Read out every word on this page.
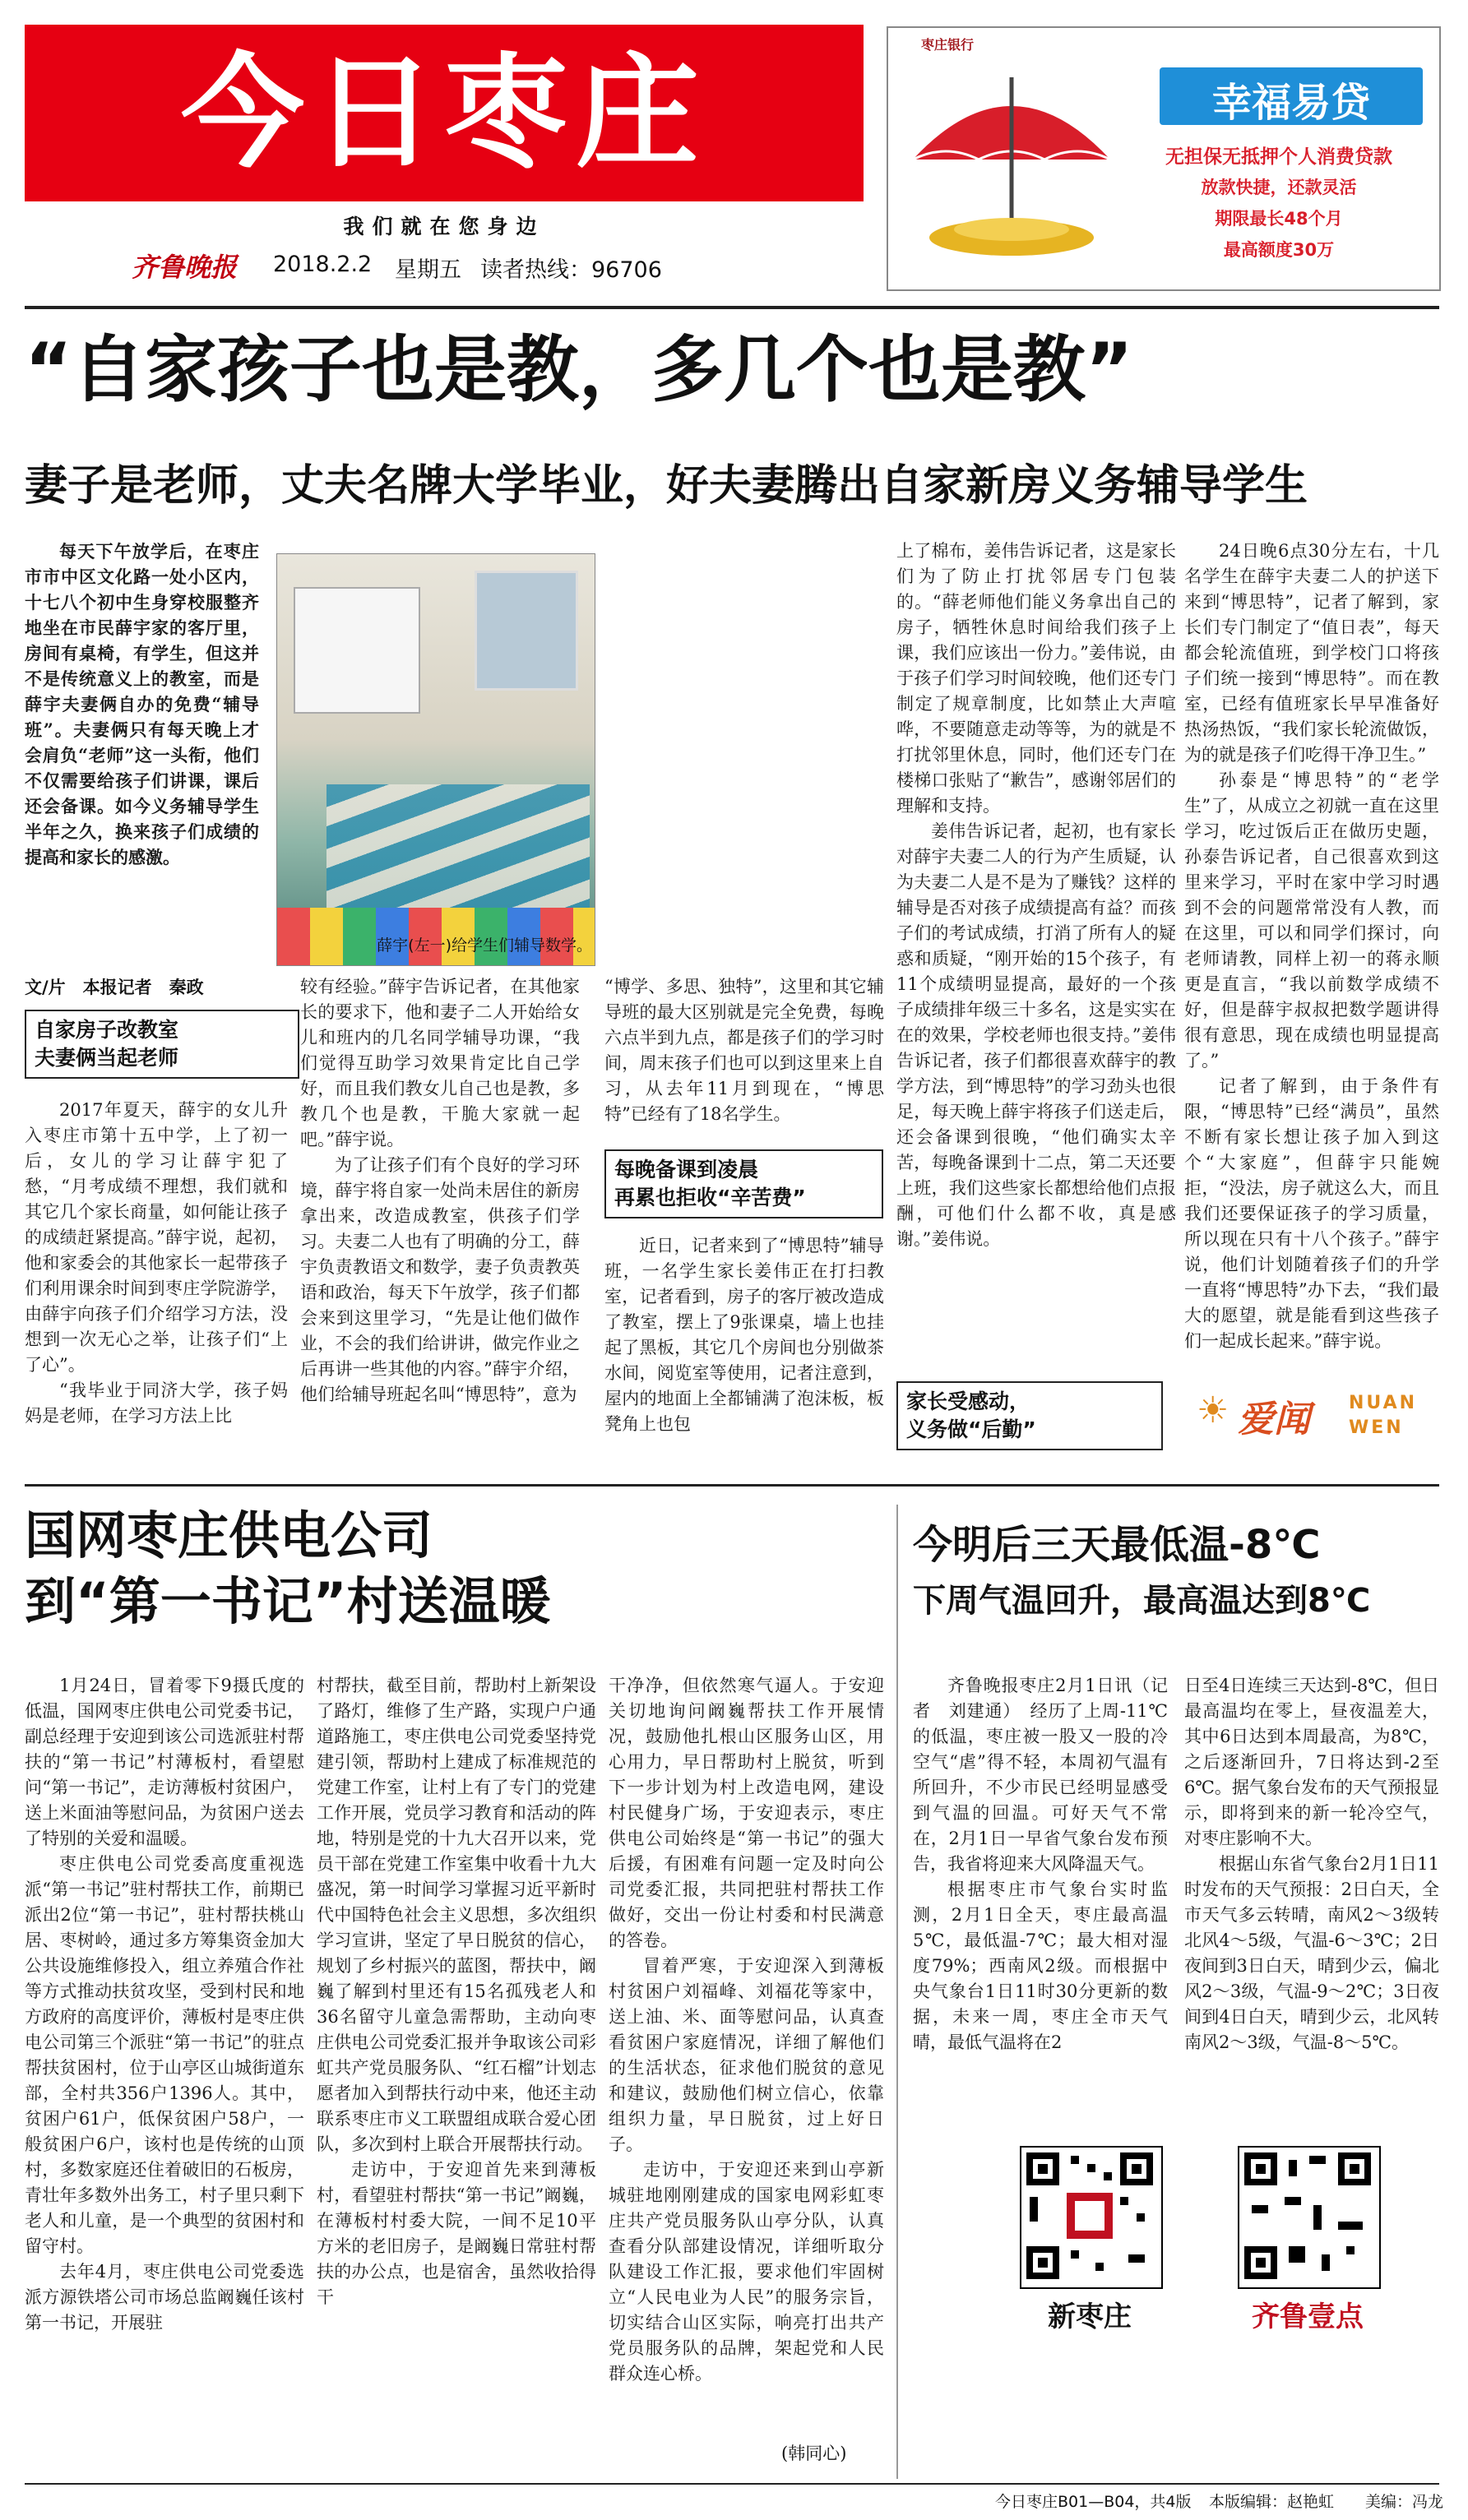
今日枣庄
我们就在您身边
齐鲁晚报 2018.2.2 星期五 读者热线：96706
枣庄银行
幸福易贷
无担保无抵押个人消费贷款
放款快捷，还款灵活
期限最长48个月
最高额度30万
“自家孩子也是教，多几个也是教”
妻子是老师，丈夫名牌大学毕业，好夫妻腾出自家新房义务辅导学生

每天下午放学后，在枣庄市市中区文化路一处小区内，十七八个初中生身穿校服整齐地坐在市民薛宇家的客厅里，房间有桌椅，有学生，但这并不是传统意义上的教室，而是薛宇夫妻俩自办的免费“辅导班”。夫妻俩只有每天晚上才会肩负“老师”这一头衔，他们不仅需要给孩子们讲课，课后还会备课。如今义务辅导学生半年之久，换来孩子们成绩的提高和家长的感激。

薛宇(左一)给学生们辅导数学。
文/片　本报记者　秦政
自家房子改教室
夫妻俩当起老师

2017年夏天，薛宇的女儿升入枣庄市第十五中学，上了初一后，女儿的学习让薛宇犯了愁，“月考成绩不理想，我们就和其它几个家长商量，如何能让孩子的成绩赶紧提高。”薛宇说，起初，他和家委会的其他家长一起带孩子们利用课余时间到枣庄学院游学，由薛宇向孩子们介绍学习方法，没想到一次无心之举，让孩子们“上了心”。

“我毕业于同济大学，孩子妈妈是老师，在学习方法上比

较有经验。”薛宇告诉记者，在其他家长的要求下，他和妻子二人开始给女儿和班内的几名同学辅导功课，“我们觉得互助学习效果肯定比自己学好，而且我们教女儿自己也是教，多教几个也是教，干脆大家就一起吧。”薛宇说。

为了让孩子们有个良好的学习环境，薛宇将自家一处尚未居住的新房拿出来，改造成教室，供孩子们学习。夫妻二人也有了明确的分工，薛宇负责教语文和数学，妻子负责教英语和政治，每天下午放学，孩子们都会来到这里学习，“先是让他们做作业，不会的我们给讲讲，做完作业之后再讲一些其他的内容。”薛宇介绍，他们给辅导班起名叫“博思特”，意为

“博学、多思、独特”，这里和其它辅导班的最大区别就是完全免费，每晚六点半到九点，都是孩子们的学习时间，周末孩子们也可以到这里来上自习，从去年11月到现在，“博思特”已经有了18名学生。

每晚备课到凌晨
再累也拒收“辛苦费”

近日，记者来到了“博思特”辅导班，一名学生家长姜伟正在打扫教室，记者看到，房子的客厅被改造成了教室，摆上了9张课桌，墙上也挂起了黑板，其它几个房间也分别做茶水间，阅览室等使用，记者注意到，屋内的地面上全都铺满了泡沫板，板凳角上也包

上了棉布，姜伟告诉记者，这是家长们为了防止打扰邻居专门包装的。“薛老师他们能义务拿出自己的房子，牺牲休息时间给我们孩子上课，我们应该出一份力。”姜伟说，由于孩子们学习时间较晚，他们还专门制定了规章制度，比如禁止大声喧哗，不要随意走动等等，为的就是不打扰邻里休息，同时，他们还专门在楼梯口张贴了“歉告”，感谢邻居们的理解和支持。

姜伟告诉记者，起初，也有家长对薛宇夫妻二人的行为产生质疑，认为夫妻二人是不是为了赚钱？这样的辅导是否对孩子成绩提高有益？而孩子们的考试成绩，打消了所有人的疑惑和质疑，“刚开始的15个孩子，有11个成绩明显提高，最好的一个孩子成绩排年级三十多名，这是实实在在的效果，学校老师也很支持。”姜伟告诉记者，孩子们都很喜欢薛宇的教学方法，到“博思特”的学习劲头也很足，每天晚上薛宇将孩子们送走后，还会备课到很晚，“他们确实太辛苦，每晚备课到十二点，第二天还要上班，我们这些家长都想给他们点报酬，可他们什么都不收，真是感谢。”姜伟说。

家长受感动，
义务做“后勤”

24日晚6点30分左右，十几名学生在薛宇夫妻二人的护送下来到“博思特”，记者了解到，家长们专门制定了“值日表”，每天都会轮流值班，到学校门口将孩子们统一接到“博思特”。而在教室，已经有值班家长早早准备好热汤热饭，“我们家长轮流做饭，为的就是孩子们吃得干净卫生。”

孙泰是“博思特”的“老学生”了，从成立之初就一直在这里学习，吃过饭后正在做历史题，孙泰告诉记者，自己很喜欢到这里来学习，平时在家中学习时遇到不会的问题常常没有人教，而在这里，可以和同学们探讨，向老师请教，同样上初一的蒋永顺更是直言，“我以前数学成绩不好，但是薛宇叔叔把数学题讲得很有意思，现在成绩也明显提高了。”

记者了解到，由于条件有限，“博思特”已经“满员”，虽然不断有家长想让孩子加入到这个“大家庭”，但薛宇只能婉拒，“没法，房子就这么大，而且我们还要保证孩子的学习质量，所以现在只有十八个孩子。”薛宇说，他们计划随着孩子们的升学一直将“博思特”办下去，“我们最大的愿望，就是能看到这些孩子们一起成长起来。”薛宇说。

☀ 爱闻 NUAN
WEN
国网枣庄供电公司
到“第一书记”村送温暖

1月24日，冒着零下9摄氏度的低温，国网枣庄供电公司党委书记，副总经理于安迎到该公司选派驻村帮扶的“第一书记”村薄板村，看望慰问“第一书记”，走访薄板村贫困户，送上米面油等慰问品，为贫困户送去了特别的关爱和温暖。

枣庄供电公司党委高度重视选派“第一书记”驻村帮扶工作，前期已派出2位“第一书记”，驻村帮扶桃山居、枣树岭，通过多方筹集资金加大公共设施维修投入，组立养殖合作社等方式推动扶贫攻坚，受到村民和地方政府的高度评价，薄板村是枣庄供电公司第三个派驻“第一书记”的驻点帮扶贫困村，位于山亭区山城街道东部，全村共356户1396人。其中，贫困户61户，低保贫困户58户，一般贫困户6户，该村也是传统的山顶村，多数家庭还住着破旧的石板房，青壮年多数外出务工，村子里只剩下老人和儿童，是一个典型的贫困村和留守村。

去年4月，枣庄供电公司党委选派方源铁塔公司市场总监阚巍任该村第一书记，开展驻

村帮扶，截至目前，帮助村上新架设了路灯，维修了生产路，实现户户通道路施工，枣庄供电公司党委坚持党建引领，帮助村上建成了标准规范的党建工作室，让村上有了专门的党建工作开展，党员学习教育和活动的阵地，特别是党的十九大召开以来，党员干部在党建工作室集中收看十九大盛况，第一时间学习掌握习近平新时代中国特色社会主义思想，多次组织学习宣讲，坚定了早日脱贫的信心，规划了乡村振兴的蓝图，帮扶中，阚巍了解到村里还有15名孤残老人和36名留守儿童急需帮助，主动向枣庄供电公司党委汇报并争取该公司彩虹共产党员服务队、“红石榴”计划志愿者加入到帮扶行动中来，他还主动联系枣庄市义工联盟组成联合爱心团队，多次到村上联合开展帮扶行动。

走访中，于安迎首先来到薄板村，看望驻村帮扶“第一书记”阚巍，在薄板村村委大院，一间不足10平方米的老旧房子，是阚巍日常驻村帮扶的办公点，也是宿舍，虽然收拾得干

干净净，但依然寒气逼人。于安迎关切地询问阚巍帮扶工作开展情况，鼓励他扎根山区服务山区，用心用力，早日帮助村上脱贫，听到下一步计划为村上改造电网，建设村民健身广场，于安迎表示，枣庄供电公司始终是“第一书记”的强大后援，有困难有问题一定及时向公司党委汇报，共同把驻村帮扶工作做好，交出一份让村委和村民满意的答卷。

冒着严寒，于安迎深入到薄板村贫困户刘福峰、刘福花等家中，送上油、米、面等慰问品，认真查看贫困户家庭情况，详细了解他们的生活状态，征求他们脱贫的意见和建议，鼓励他们树立信心，依靠组织力量，早日脱贫，过上好日子。

走访中，于安迎还来到山亭新城驻地刚刚建成的国家电网彩虹枣庄共产党员服务队山亭分队，认真查看分队部建设情况，详细听取分队建设工作汇报，要求他们牢固树立“人民电业为人民”的服务宗旨，切实结合山区实际，响亮打出共产党员服务队的品牌，架起党和人民群众连心桥。

(韩同心)
今明后三天最低温-8℃
下周气温回升，最高温达到8℃

齐鲁晚报枣庄2月1日讯（记者　刘建通）　经历了上周-11℃的低温，枣庄被一股又一股的冷空气“虐”得不轻，本周初气温有所回升，不少市民已经明显感受到气温的回温。可好天气不常在，2月1日一早省气象台发布预告，我省将迎来大风降温天气。

根据枣庄市气象台实时监测，2月1日全天，枣庄最高温5℃，最低温-7℃；最大相对湿度79%；西南风2级。而根据中央气象台1日11时30分更新的数据，未来一周，枣庄全市天气晴，最低气温将在2

日至4日连续三天达到-8℃，但日最高温均在零上，昼夜温差大，其中6日达到本周最高，为8℃，之后逐渐回升，7日将达到-2至6℃。据气象台发布的天气预报显示，即将到来的新一轮冷空气，对枣庄影响不大。

根据山东省气象台2月1日11时发布的天气预报：2日白天，全市天气多云转晴，南风2～3级转北风4～5级，气温-6～3℃；2日夜间到3日白天，晴到少云，偏北风2～3级，气温-9～2℃；3日夜间到4日白天，晴到少云，北风转南风2～3级，气温-8～5℃。

新枣庄	齐鲁壹点
今日枣庄B01—B04，共4版 本版编辑：赵艳虹 美编：冯龙
